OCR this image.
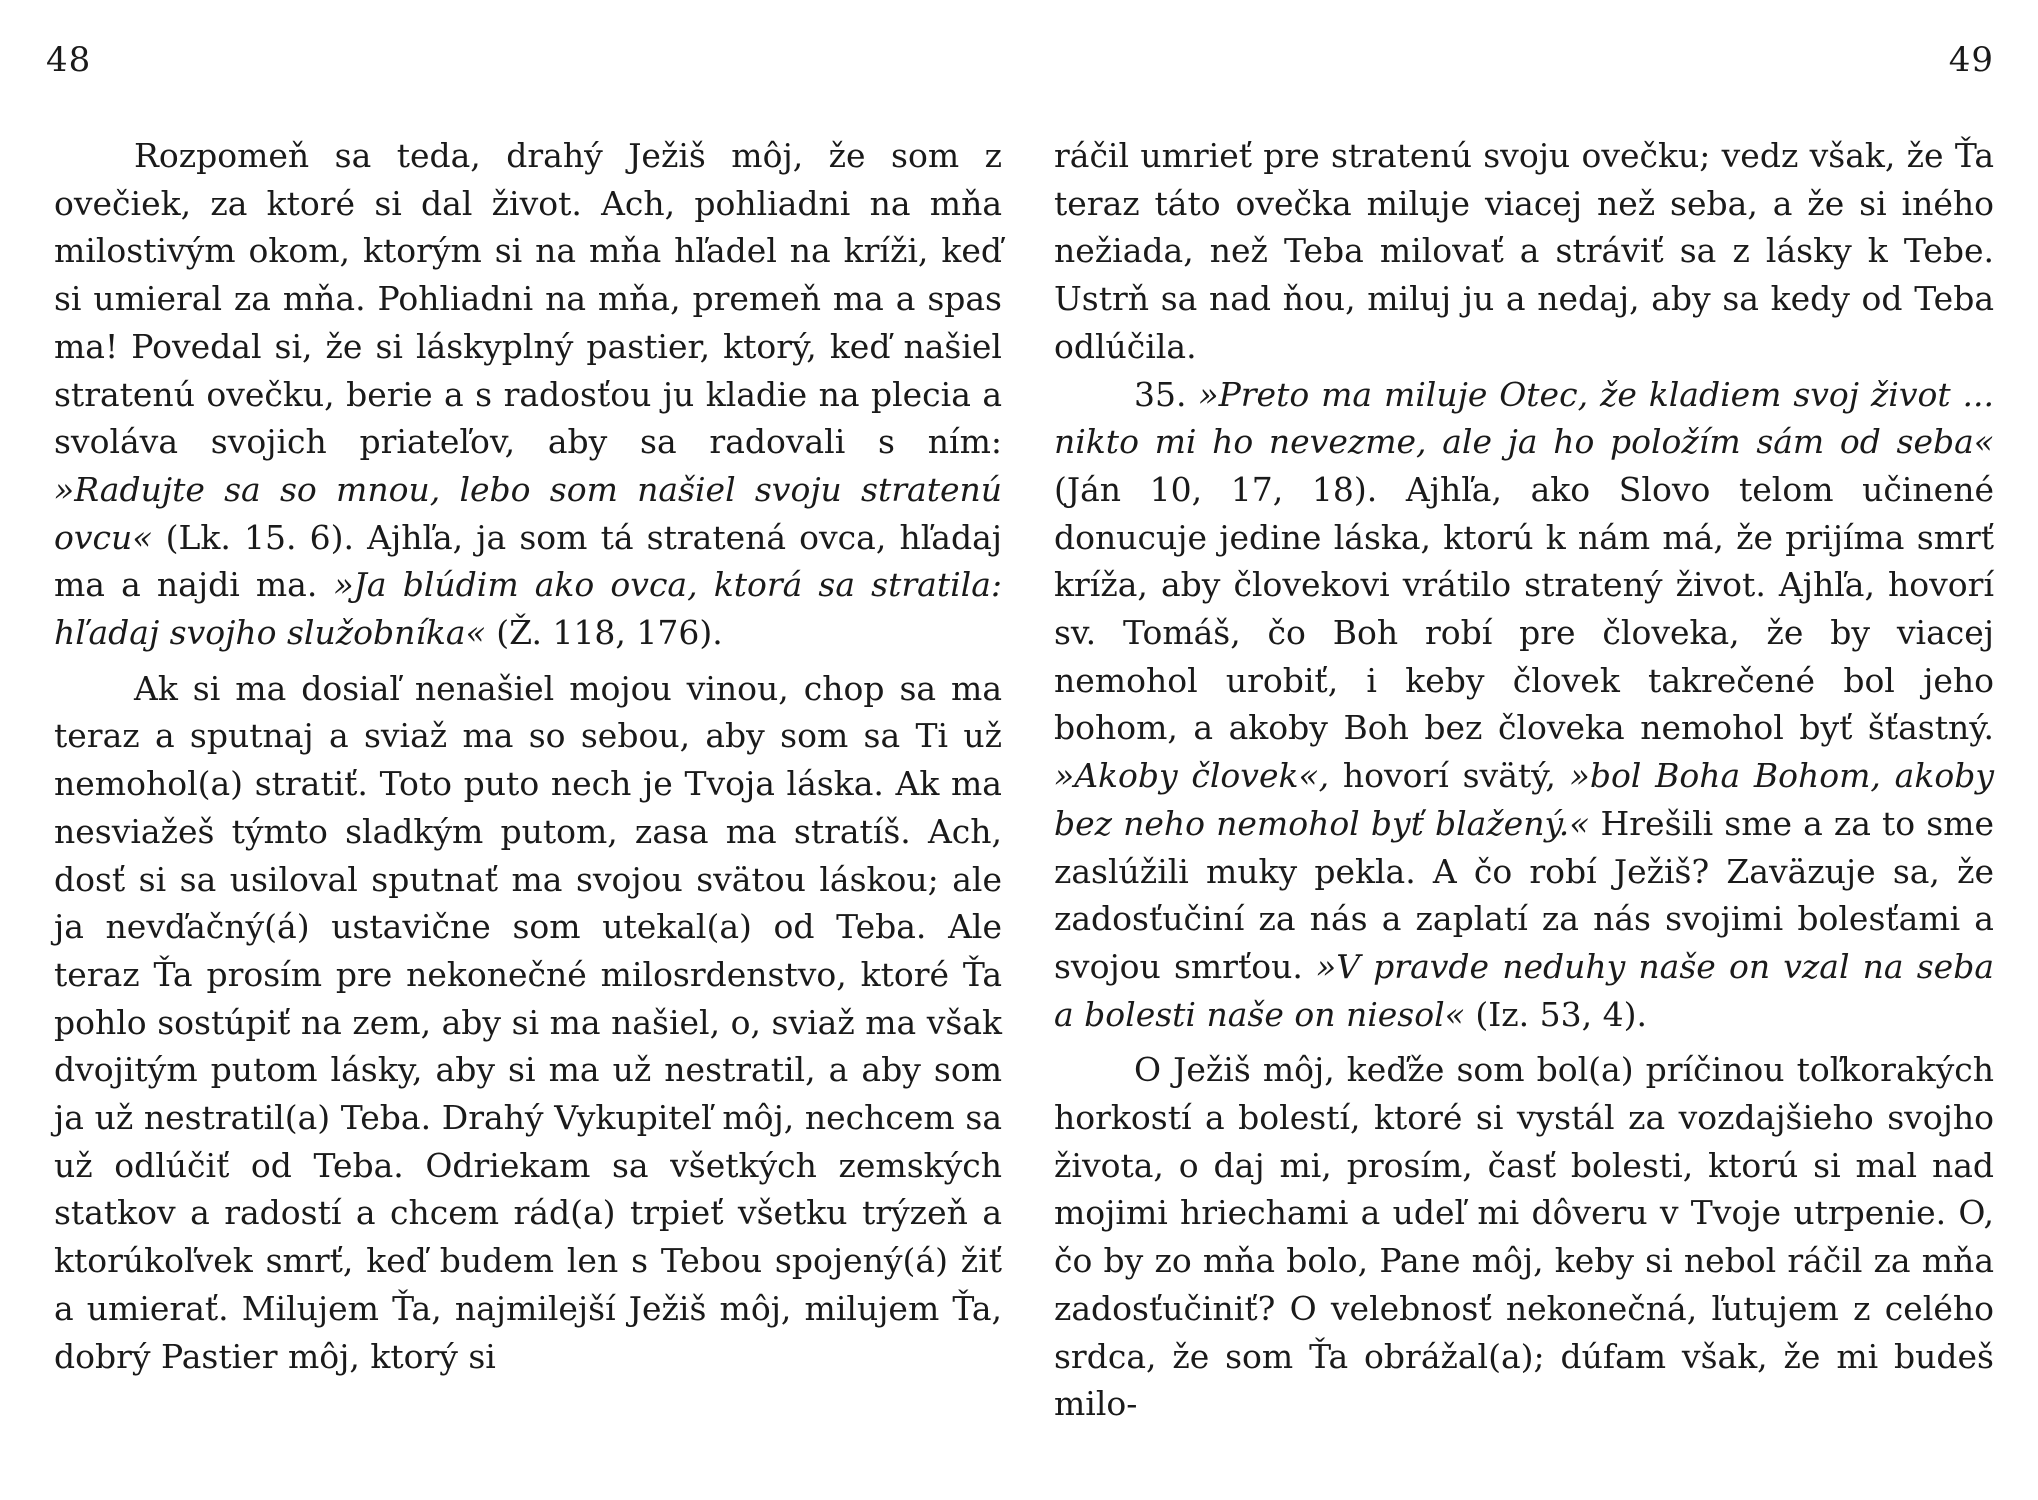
48	49

Rozpomeň sa teda, drahý Ježiš môj, že som z ovečiek, za ktoré si dal život. Ach, pohliadni na mňa milostivým okom, ktorým si na mňa hľadel na kríži, keď si umieral za mňa. Pohliadni na mňa, premeň ma a spas ma! Povedal si, že si láskyplný pastier, ktorý, keď našiel stratenú ovečku, berie a s radosťou ju kladie na plecia a svoláva svojich priateľov, aby sa radovali s ním: »Radujte sa so mnou, lebo som našiel svoju stratenú ovcu« (Lk. 15. 6). Ajhľa, ja som tá stratená ovca, hľadaj ma a najdi ma. »Ja blúdim ako ovca, ktorá sa stratila: hľadaj svojho služobníka« (Ž. 118, 176).

Ak si ma dosiaľ nenašiel mojou vinou, chop sa ma teraz a sputnaj a sviaž ma so sebou, aby som sa Ti už nemohol(a) stratiť. Toto puto nech je Tvoja láska. Ak ma nesviažeš týmto sladkým putom, zasa ma stratíš. Ach, dosť si sa usiloval sputnať ma svojou svätou láskou; ale ja nevďačný(á) ustavične som utekal(a) od Teba. Ale teraz Ťa prosím pre nekonečné milosrdenstvo, ktoré Ťa pohlo sostúpiť na zem, aby si ma našiel, o, sviaž ma však dvojitým putom lásky, aby si ma už nestratil, a aby som ja už nestratil(a) Teba. Drahý Vykupiteľ môj, nechcem sa už odlúčiť od Teba. Odriekam sa všetkých zemských statkov a radostí a chcem rád(a) trpieť všetku trýzeň a ktorúkoľvek smrť, keď budem len s Tebou spojený(á) žiť a umierať. Milujem Ťa, najmilejší Ježiš môj, milujem Ťa, dobrý Pastier môj, ktorý si

ráčil umrieť pre stratenú svoju ovečku; vedz však, že Ťa teraz táto ovečka miluje viacej než seba, a že si iného nežiada, než Teba milovať a stráviť sa z lásky k Tebe. Ustrň sa nad ňou, miluj ju a nedaj, aby sa kedy od Teba odlúčila.

35. »Preto ma miluje Otec, že kladiem svoj život ... nikto mi ho nevezme, ale ja ho položím sám od seba« (Ján 10, 17, 18). Ajhľa, ako Slovo telom učinené donucuje jedine láska, ktorú k nám má, že prijíma smrť kríža, aby človekovi vrátilo stratený život. Ajhľa, hovorí sv. Tomáš, čo Boh robí pre človeka, že by viacej nemohol urobiť, i keby človek takrečené bol jeho bohom, a akoby Boh bez človeka nemohol byť šťastný. »Akoby človek«, hovorí svätý, »bol Boha Bohom, akoby bez neho nemohol byť blažený.« Hrešili sme a za to sme zaslúžili muky pekla. A čo robí Ježiš? Zaväzuje sa, že zadosťučiní za nás a zaplatí za nás svojimi bolesťami a svojou smrťou. »V pravde neduhy naše on vzal na seba a bolesti naše on niesol« (Iz. 53, 4).

O Ježiš môj, keďže som bol(a) príčinou toľkorakých horkostí a bolestí, ktoré si vystál za vozdajšieho svojho života, o daj mi, prosím, časť bolesti, ktorú si mal nad mojimi hriechami a udeľ mi dôveru v Tvoje utrpenie. O, čo by zo mňa bolo, Pane môj, keby si nebol ráčil za mňa zadosťučiniť? O velebnosť nekonečná, ľutujem z celého srdca, že som Ťa obrážal(a); dúfam však, že mi budeš milo-
